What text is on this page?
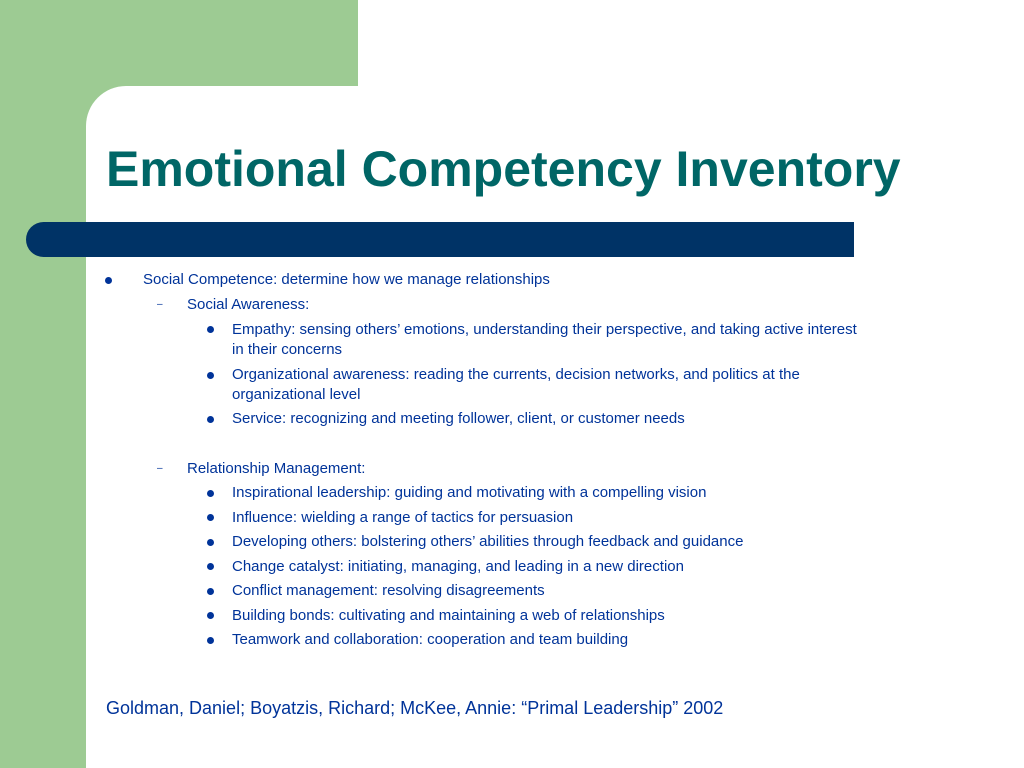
Emotional Competency Inventory
Social Competence: determine how we manage relationships
– Social Awareness:
Empathy: sensing others’ emotions, understanding their perspective, and taking active interest
in their concerns
Organizational awareness: reading the currents, decision networks, and politics at the
organizational level
Service: recognizing and meeting follower, client, or customer needs
– Relationship Management:
Inspirational leadership: guiding and motivating with a compelling vision
Influence: wielding a range of tactics for persuasion
Developing others: bolstering others’ abilities through feedback and guidance
Change catalyst: initiating, managing, and leading in a new direction
Conflict management: resolving disagreements
Building bonds: cultivating and maintaining a web of relationships
Teamwork and collaboration: cooperation and team building
Goldman, Daniel; Boyatzis, Richard; McKee, Annie: “Primal Leadership” 2002
